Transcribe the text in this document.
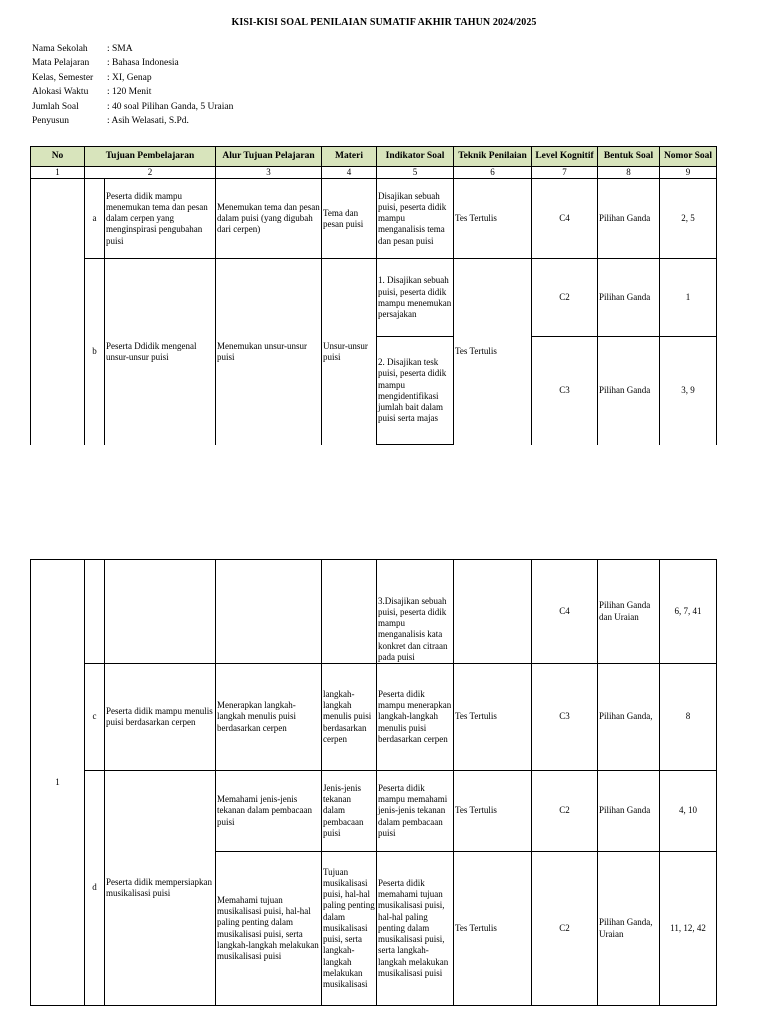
KISI-KISI SOAL PENILAIAN SUMATIF AKHIR TAHUN 2024/2025
Nama Sekolah	: SMA
Mata Pelajaran	: Bahasa Indonesia
Kelas, Semester	: XI, Genap
Alokasi Waktu	: 120 Menit
Jumlah Soal	: 40 soal Pilihan Ganda, 5 Uraian
Penyusun	: Asih Welasati, S.Pd.
No	Tujuan Pembelajaran		Alur Tujuan Pelajaran	Materi	Indikator Soal	Teknik Penilaian	Level Kognitif	Bentuk Soal	Nomor Soal
1	2		3	4	5	6	7	8	9
	a	Peserta didik mampu menemukan tema dan pesan dalam cerpen yang menginspirasi pengubahan puisi	Menemukan tema dan pesan dalam puisi (yang digubah dari cerpen)	Tema dan pesan puisi	Disajikan sebuah puisi, peserta didik mampu menganalisis tema dan pesan puisi	Tes Tertulis	C4	Pilihan Ganda	2, 5
	b	Peserta Ddidik mengenal unsur-unsur puisi	Menemukan unsur-unsur puisi	Unsur-unsur puisi	1. Disajikan sebuah puisi, peserta didik mampu menemukan persajakan	Tes Tertulis	C2	Pilihan Ganda	1
					2. Disajikan tesk puisi, peserta didik mampu mengidentifikasi jumlah bait dalam puisi serta majas		C3	Pilihan Ganda	3, 9
1					3.Disajikan sebuah puisi, peserta didik mampu menganalisis kata konkret dan citraan pada puisi		C4	Pilihan Ganda dan Uraian	6, 7, 41
	c	Peserta didik mampu menulis puisi berdasarkan cerpen	Menerapkan langkah-langkah menulis puisi berdasarkan cerpen	langkah-langkah menulis puisi berdasarkan cerpen	Peserta didik mampu menerapkan langkah-langkah menulis puisi berdasarkan cerpen	Tes Tertulis	C3	Pilihan Ganda,	8
	d	Peserta didik mempersiapkan musikalisasi puisi	Memahami jenis-jenis tekanan dalam pembacaan puisi	Jenis-jenis tekanan dalam pembacaan puisi	Peserta didik mampu memahami jenis-jenis tekanan dalam pembacaan puisi	Tes Tertulis	C2	Pilihan Ganda	4, 10
			Memahami tujuan musikalisasi puisi, hal-hal paling penting dalam musikalisasi puisi, serta langkah-langkah melakukan musikalisasi puisi	Tujuan musikalisasi puisi, hal-hal paling penting dalam musikalisasi puisi, serta langkah-langkah melakukan musikalisasi	Peserta didik memahami tujuan musikalisasi puisi, hal-hal paling penting dalam musikalisasi puisi, serta langkah-langkah melakukan musikalisasi puisi	Tes Tertulis	C2	Pilihan Ganda, Uraian	11, 12, 42
